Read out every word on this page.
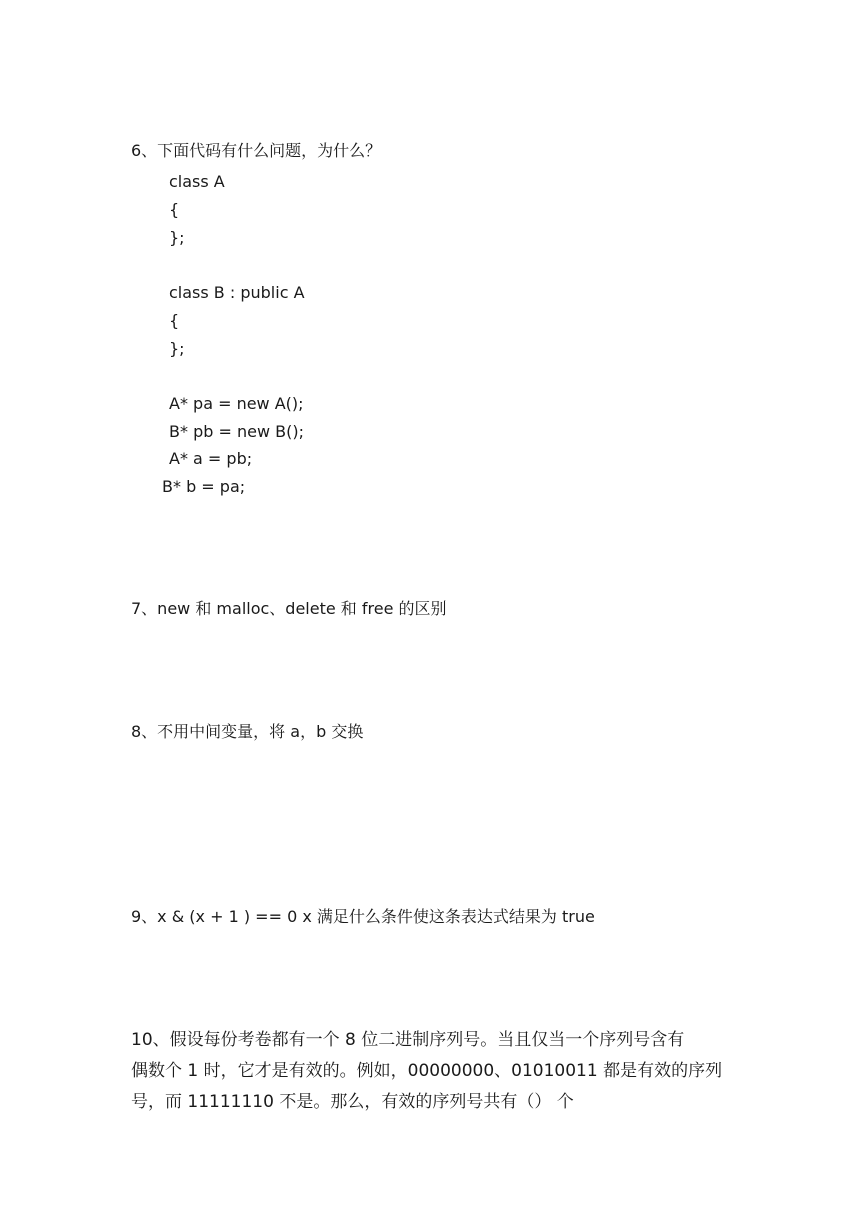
6、下面代码有什么问题，为什么？
class A
{
};
class B : public A
{
};
A* pa = new A();
B* pb = new B();
A* a = pb;
B* b = pa;
7、new 和 malloc、delete 和 free 的区别
8、不用中间变量，将 a，b 交换
9、x & (x + 1 ) == 0 x 满足什么条件使这条表达式结果为 true
10、假设每份考卷都有一个 8 位二进制序列号。当且仅当一个序列号含有
偶数个 1 时，它才是有效的。例如，00000000、01010011 都是有效的序列
号，而 11111110 不是。那么，有效的序列号共有（） 个
